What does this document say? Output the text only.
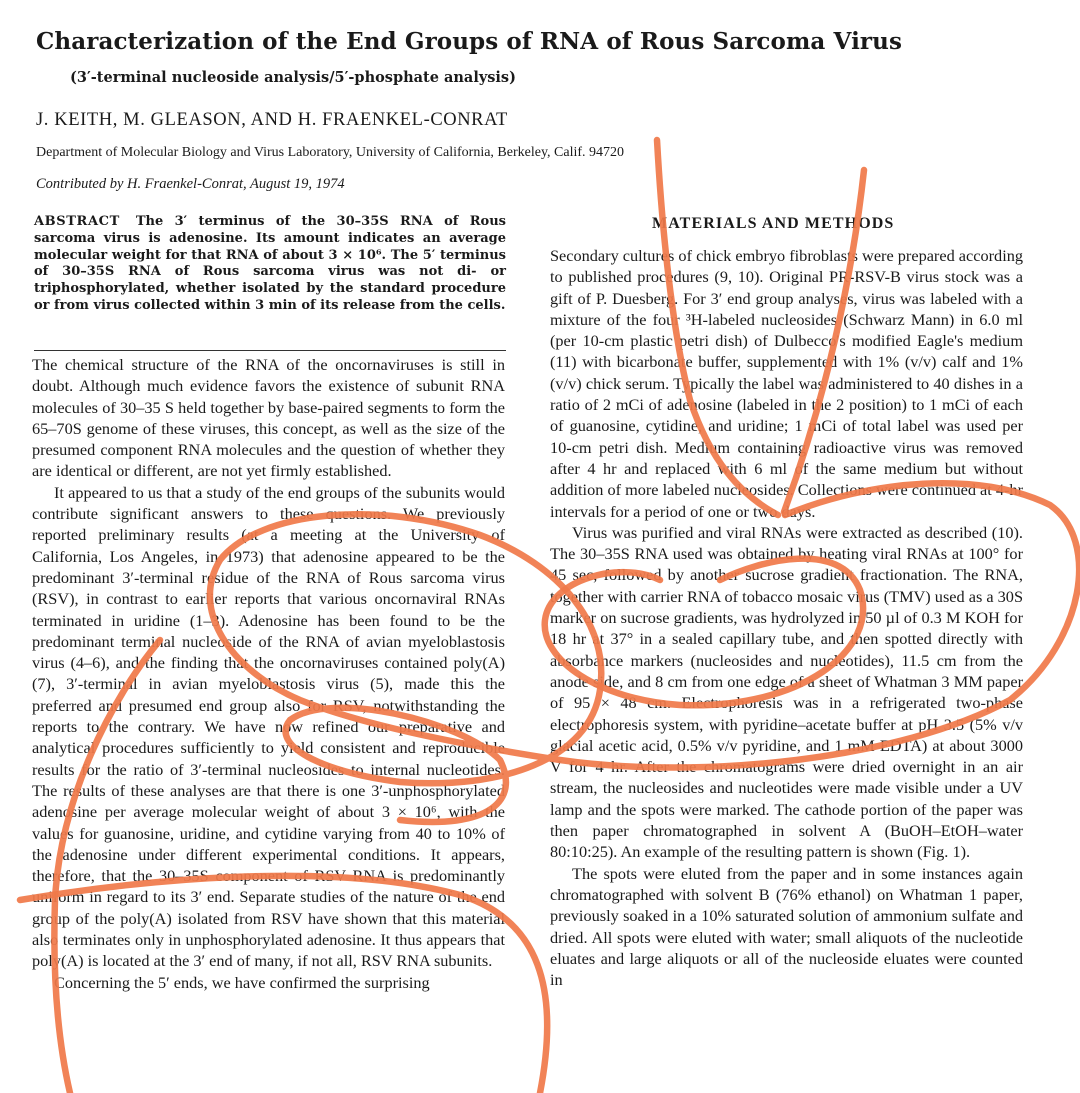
Characterization of the End Groups of RNA of Rous Sarcoma Virus
(3′-terminal nucleoside analysis/5′-phosphate analysis)
J. KEITH, M. GLEASON, AND H. FRAENKEL-CONRAT
Department of Molecular Biology and Virus Laboratory, University of California, Berkeley, Calif. 94720
Contributed by H. Fraenkel-Conrat, August 19, 1974

ABSTRACT The 3′ terminus of the 30–35S RNA of Rous sarcoma virus is adenosine. Its amount indicates an average molecular weight for that RNA of about 3 × 10⁶. The 5′ terminus of 30–35S RNA of Rous sarcoma virus was not di- or triphosphorylated, whether isolated by the standard procedure or from virus collected within 3 min of its release from the cells.

The chemical structure of the RNA of the oncornaviruses is still in doubt. Although much evidence favors the existence of subunit RNA molecules of 30–35 S held together by base-paired segments to form the 65–70S genome of these viruses, this concept, as well as the size of the presumed component RNA molecules and the question of whether they are identical or different, are not yet firmly established.

It appeared to us that a study of the end groups of the subunits would contribute significant answers to these questions. We previously reported preliminary results (at a meeting at the University of California, Los Angeles, in 1973) that adenosine appeared to be the predominant 3′-terminal residue of the RNA of Rous sarcoma virus (RSV), in contrast to earlier reports that various oncornaviral RNAs terminated in uridine (1–3). Adenosine has been found to be the predominant terminal nucleoside of the RNA of avian myeloblastosis virus (4–6), and the finding that the oncornaviruses contained poly(A) (7), 3′-terminal in avian myeloblastosis virus (5), made this the preferred and presumed end group also for RSV, notwithstanding the reports to the contrary. We have now refined our preparative and analytical procedures sufficiently to yield consistent and reproducible results for the ratio of 3′-terminal nucleosides to internal nucleotides. The results of these analyses are that there is one 3′-unphosphorylated adenosine per average molecular weight of about 3 × 10⁶, with the values for guanosine, uridine, and cytidine varying from 40 to 10% of the adenosine under different experimental conditions. It appears, therefore, that the 30–35S component of RSV RNA is predominantly uniform in regard to its 3′ end. Separate studies of the nature of the end group of the poly(A) isolated from RSV have shown that this material also terminates only in unphosphorylated adenosine. It thus appears that poly(A) is located at the 3′ end of many, if not all, RSV RNA subunits.

Concerning the 5′ ends, we have confirmed the surprising

MATERIALS AND METHODS

Secondary cultures of chick embryo fibroblasts were prepared according to published procedures (9, 10). Original PR-RSV-B virus stock was a gift of P. Duesberg. For 3′ end group analyses, virus was labeled with a mixture of the four ³H-labeled nucleosides (Schwarz Mann) in 6.0 ml (per 10-cm plastic petri dish) of Dulbecco's modified Eagle's medium (11) with bicarbonate buffer, supplemented with 1% (v/v) calf and 1% (v/v) chick serum. Typically the label was administered to 40 dishes in a ratio of 2 mCi of adenosine (labeled in the 2 position) to 1 mCi of each of guanosine, cytidine, and uridine; 1 mCi of total label was used per 10-cm petri dish. Medium containing radioactive virus was removed after 4 hr and replaced with 6 ml of the same medium but without addition of more labeled nucleosides. Collections were continued at 4-hr intervals for a period of one or two days.

Virus was purified and viral RNAs were extracted as described (10). The 30–35S RNA used was obtained by heating viral RNAs at 100° for 45 sec, followed by another sucrose gradient fractionation. The RNA, together with carrier RNA of tobacco mosaic virus (TMV) used as a 30S marker on sucrose gradients, was hydrolyzed in 50 µl of 0.3 M KOH for 18 hr at 37° in a sealed capillary tube, and then spotted directly with absorbance markers (nucleosides and nucleotides), 11.5 cm from the anode side, and 8 cm from one edge of a sheet of Whatman 3 MM paper of 95 × 48 cm. Electrophoresis was in a refrigerated two-phase electrophoresis system, with pyridine–acetate buffer at pH 3.5 (5% v/v glacial acetic acid, 0.5% v/v pyridine, and 1 mM EDTA) at about 3000 V for 4 hr. After the chromatograms were dried overnight in an air stream, the nucleosides and nucleotides were made visible under a UV lamp and the spots were marked. The cathode portion of the paper was then paper chromatographed in solvent A (BuOH–EtOH–water 80:10:25). An example of the resulting pattern is shown (Fig. 1).

The spots were eluted from the paper and in some instances again chromatographed with solvent B (76% ethanol) on Whatman 1 paper, previously soaked in a 10% saturated solution of ammonium sulfate and dried. All spots were eluted with water; small aliquots of the nucleotide eluates and large aliquots or all of the nucleoside eluates were counted in
